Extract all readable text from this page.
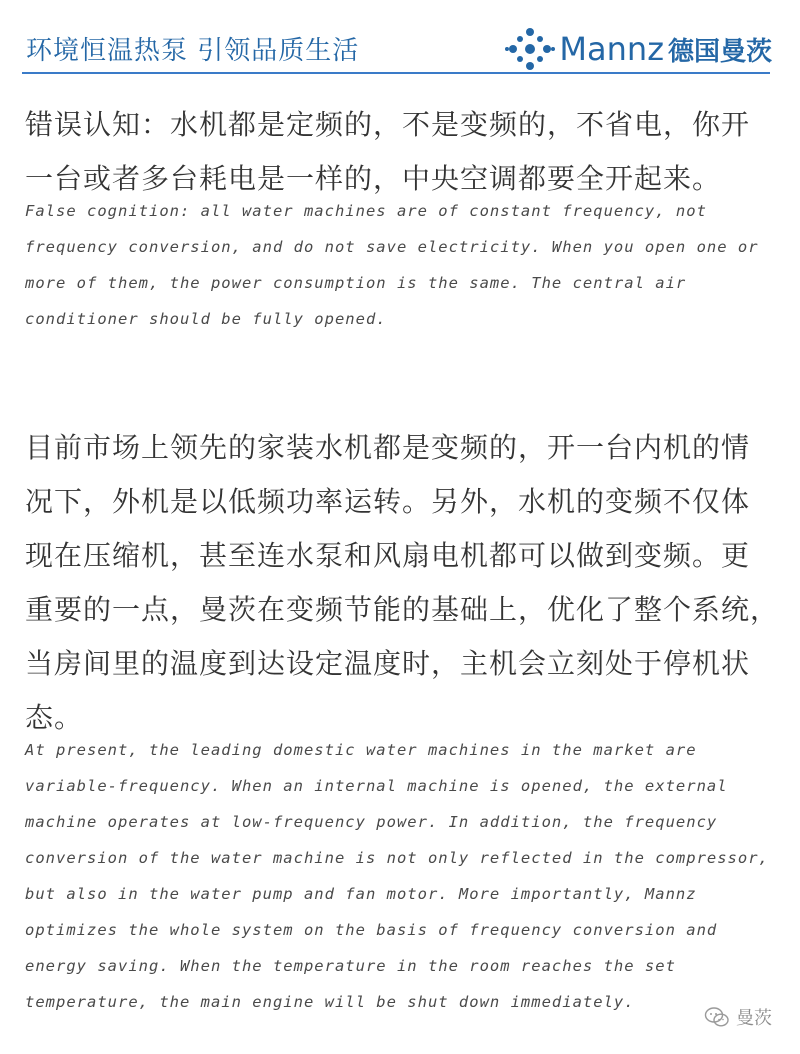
环境恒温热泵 引领品质生活	Mannz 德国曼茨
错误认知：水机都是定频的，不是变频的，不省电，你开
一台或者多台耗电是一样的，中央空调都要全开起来。
False cognition: all water machines are of constant frequency, not
frequency conversion, and do not save electricity. When you open one or
more of them, the power consumption is the same. The central air
conditioner should be fully opened.
目前市场上领先的家装水机都是变频的，开一台内机的情
况下，外机是以低频功率运转。另外，水机的变频不仅体
现在压缩机，甚至连水泵和风扇电机都可以做到变频。更
重要的一点，曼茨在变频节能的基础上，优化了整个系统，
当房间里的温度到达设定温度时，主机会立刻处于停机状
态。
At present, the leading domestic water machines in the market are
variable-frequency. When an internal machine is opened, the external
machine operates at low-frequency power. In addition, the frequency
conversion of the water machine is not only reflected in the compressor,
but also in the water pump and fan motor. More importantly, Mannz
optimizes the whole system on the basis of frequency conversion and
energy saving. When the temperature in the room reaches the set
temperature, the main engine will be shut down immediately.
曼茨
